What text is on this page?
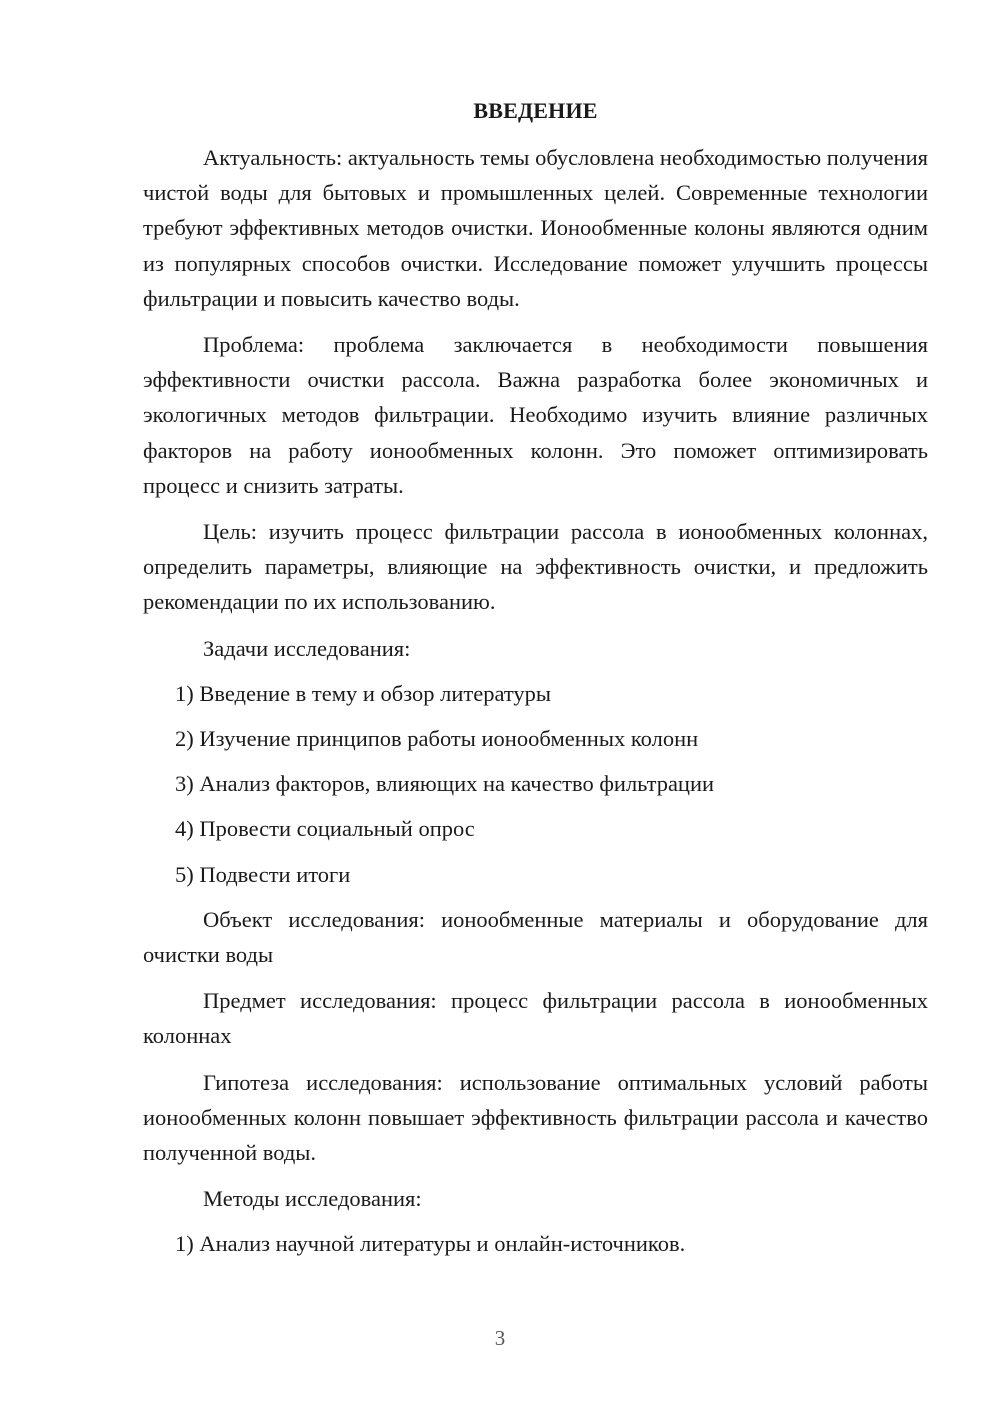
ВВЕДЕНИЕ

Актуальность: актуальность темы обусловлена необходимостью получения чистой воды для бытовых и промышленных целей. Современные технологии требуют эффективных методов очистки. Ионообменные колоны являются одним из популярных способов очистки. Исследование поможет улучшить процессы фильтрации и повысить качество воды.

Проблема: проблема заключается в необходимости повышения эффективности очистки рассола. Важна разработка более экономичных и экологичных методов фильтрации. Необходимо изучить влияние различных факторов на работу ионообменных колонн. Это поможет оптимизировать процесс и снизить затраты.

Цель: изучить процесс фильтрации рассола в ионообменных колоннах, определить параметры, влияющие на эффективность очистки, и предложить рекомендации по их использованию.

Задачи исследования:

1) Введение в тему и обзор литературы

2) Изучение принципов работы ионообменных колонн

3) Анализ факторов, влияющих на качество фильтрации

4) Провести социальный опрос

5) Подвести итоги

Объект исследования: ионообменные материалы и оборудование для очистки воды

Предмет исследования: процесс фильтрации рассола в ионообменных колоннах

Гипотеза исследования: использование оптимальных условий работы ионообменных колонн повышает эффективность фильтрации рассола и качество полученной воды.

Методы исследования:

1) Анализ научной литературы и онлайн-источников.

3
